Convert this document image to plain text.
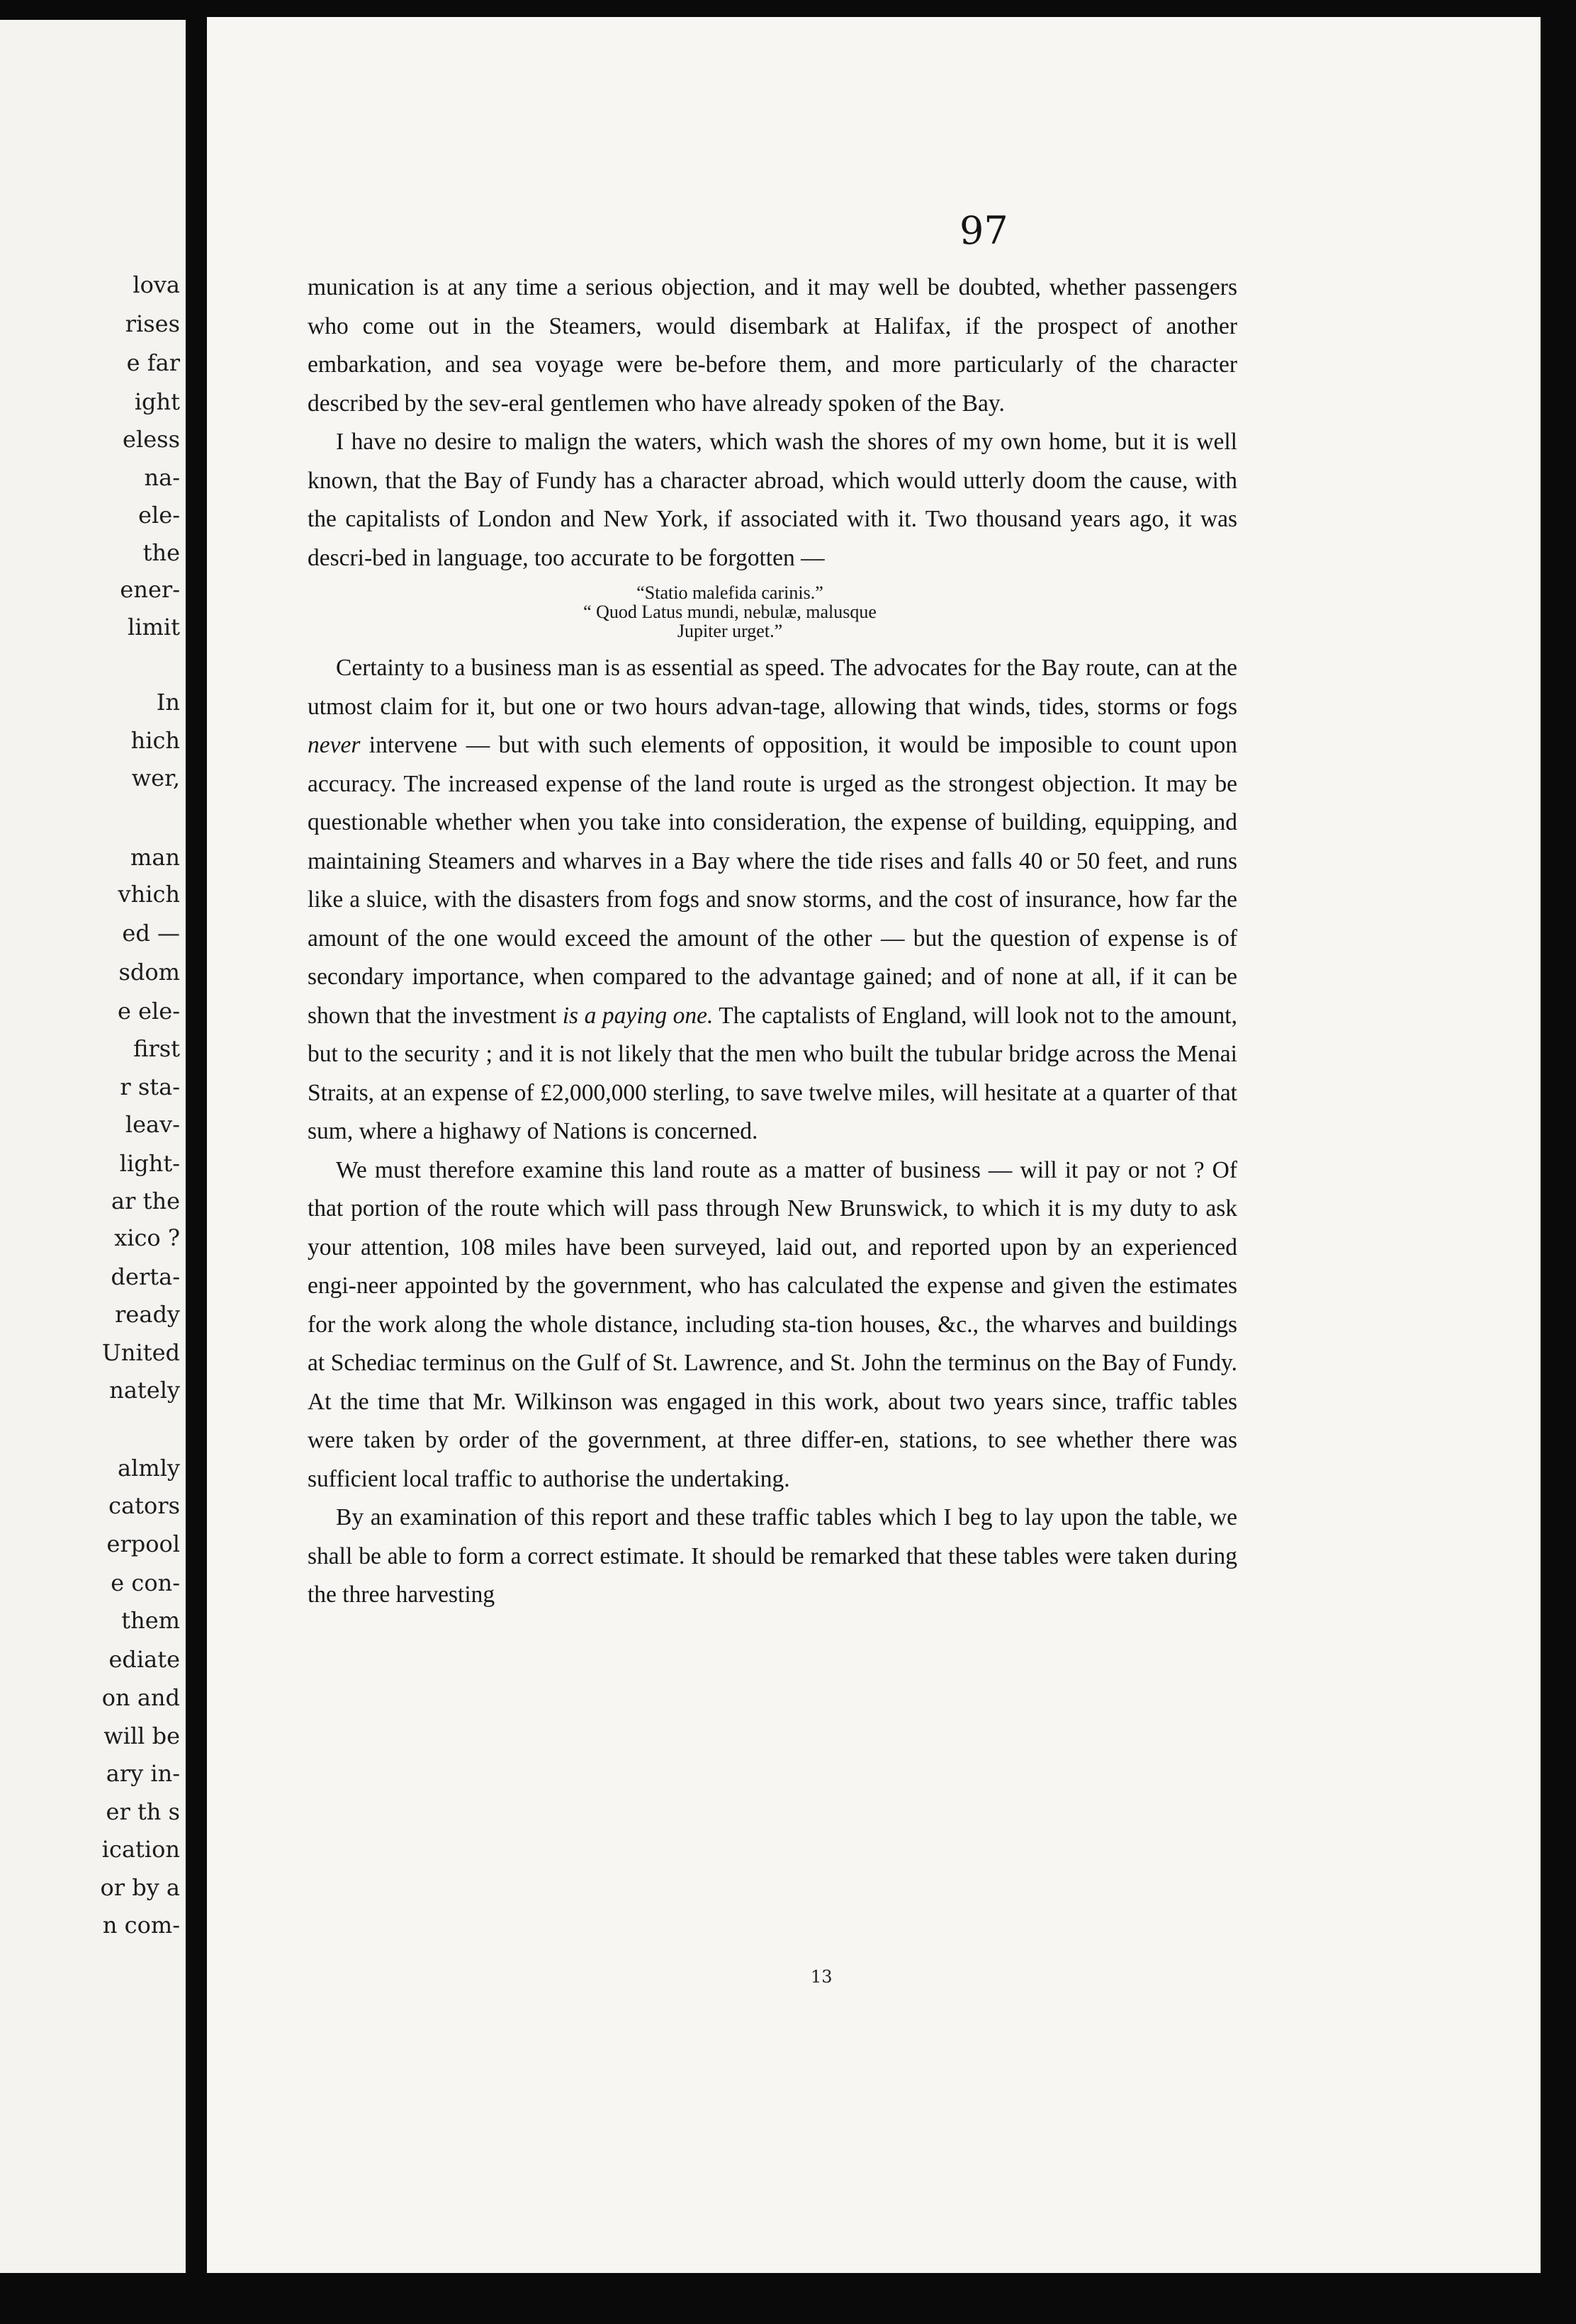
lova
rises
e far
ight
eless
na-
ele-
the
ener-
limit
In
hich
wer,
man
vhich
ed —
sdom
e ele-
first
r sta-
leav-
light-
ar the
xico ?
derta-
ready
United
nately
almly
cators
erpool
e con-
them
ediate
on and
will be
ary in-
er th s
ication
or by a
n com-
97

munication is at any time a serious objection, and it may well be doubted, whether passengers who come out in the Steamers, would disembark at Halifax, if the prospect of another embarkation, and sea voyage were be-before them, and more particularly of the character described by the sev-eral gentlemen who have already spoken of the Bay.

I have no desire to malign the waters, which wash the shores of my own home, but it is well known, that the Bay of Fundy has a character abroad, which would utterly doom the cause, with the capitalists of London and New York, if associated with it. Two thousand years ago, it was descri-bed in language, too accurate to be forgotten —

“Statio malefida carinis.”
“ Quod Latus mundi, nebulæ, malusque
Jupiter urget.”

Certainty to a business man is as essential as speed. The advocates for the Bay route, can at the utmost claim for it, but one or two hours advan-tage, allowing that winds, tides, storms or fogs never intervene — but with such elements of opposition, it would be imposible to count upon accuracy. The increased expense of the land route is urged as the strongest objection. It may be questionable whether when you take into consideration, the expense of building, equipping, and maintaining Steamers and wharves in a Bay where the tide rises and falls 40 or 50 feet, and runs like a sluice, with the disasters from fogs and snow storms, and the cost of insurance, how far the amount of the one would exceed the amount of the other — but the question of expense is of secondary importance, when compared to the advantage gained; and of none at all, if it can be shown that the investment is a paying one. The captalists of England, will look not to the amount, but to the security ; and it is not likely that the men who built the tubular bridge across the Menai Straits, at an expense of £2,000,000 sterling, to save twelve miles, will hesitate at a quarter of that sum, where a highawy of Nations is concerned.

We must therefore examine this land route as a matter of business — will it pay or not ? Of that portion of the route which will pass through New Brunswick, to which it is my duty to ask your attention, 108 miles have been surveyed, laid out, and reported upon by an experienced engi-neer appointed by the government, who has calculated the expense and given the estimates for the work along the whole distance, including sta-tion houses, &c., the wharves and buildings at Schediac terminus on the Gulf of St. Lawrence, and St. John the terminus on the Bay of Fundy. At the time that Mr. Wilkinson was engaged in this work, about two years since, traffic tables were taken by order of the government, at three differ-en, stations, to see whether there was sufficient local traffic to authorise the undertaking.

By an examination of this report and these traffic tables which I beg to lay upon the table, we shall be able to form a correct estimate. It should be remarked that these tables were taken during the three harvesting

13
